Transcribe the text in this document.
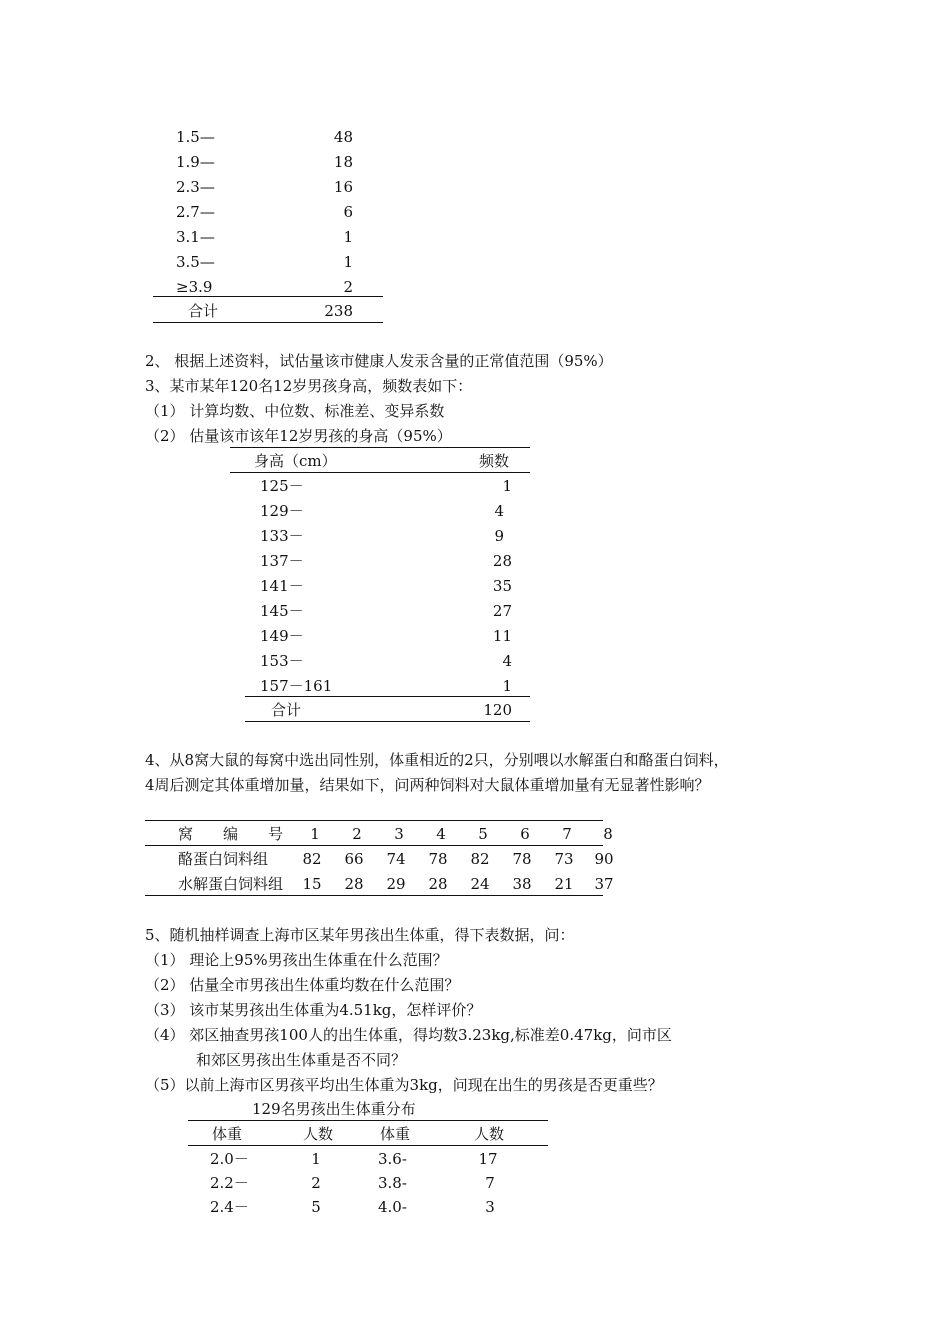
1.5—	48
1.9—	18
2.3—	16
2.7—	6
3.1—	1
3.5—	1
≥3.9	2
合计	238
2、 根据上述资料，试估量该市健康人发汞含量的正常值范围（95%）
3、某市某年120名12岁男孩身高，频数表如下：
（1） 计算均数、中位数、标准差、变异系数
（2） 估量该市该年12岁男孩的身高（95%）
身高（cm）	频数
125－	1
129－	4
133－	9
137－	28
141－	35
145－	27
149－	11
153－	4
157－161	1
合计	120
4、从8窝大鼠的每窝中选出同性别，体重相近的2只，分别喂以水解蛋白和酪蛋白饲料，
4周后测定其体重增加量，结果如下，问两种饲料对大鼠体重增加量有无显著性影响？
窝　　编　　号	1	2	3	4	5	6	7	8
酪蛋白饲料组 82 66 74 78 82 78 73 90
水解蛋白饲料组 15 28 29 28 24 38 21 37
5、随机抽样调查上海市区某年男孩出生体重，得下表数据，问：
（1） 理论上95%男孩出生体重在什么范围？
（2） 估量全市男孩出生体重均数在什么范围？
（3） 该市某男孩出生体重为4.51kg，怎样评价？
（4） 郊区抽查男孩100人的出生体重，得均数3.23kg,标准差0.47kg，问市区
和郊区男孩出生体重是否不同？
（5）以前上海市区男孩平均出生体重为3kg，问现在出生的男孩是否更重些？
129名男孩出生体重分布
体重	人数	体重	人数
2.0－	1	3.6-	17
2.2－	2	3.8-	7
2.4－	5	4.0-	3
